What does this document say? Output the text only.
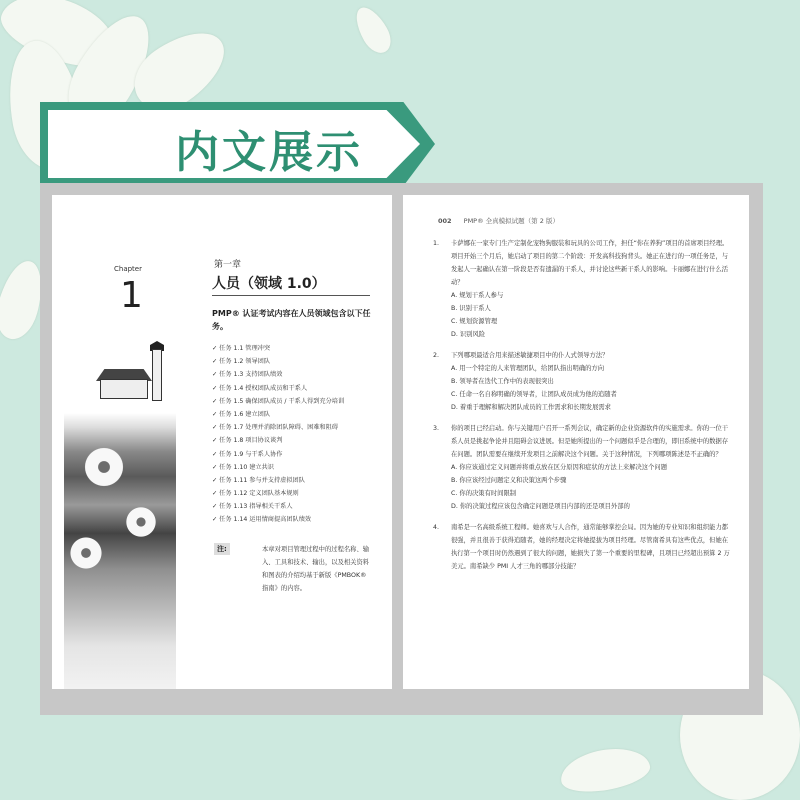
内文展示
Chapter
1
第一章
人员（领域 1.0）
PMP® 认证考试内容在人员领域包含以下任务。
✓ 任务 1.1 管理冲突
✓ 任务 1.2 领导团队
✓ 任务 1.3 支持团队绩效
✓ 任务 1.4 授权团队成员和干系人
✓ 任务 1.5 确保团队成员 / 干系人得到充分培训
✓ 任务 1.6 建立团队
✓ 任务 1.7 处理并消除团队障碍、困难和阻碍
✓ 任务 1.8 项目协议谈判
✓ 任务 1.9 与干系人协作
✓ 任务 1.10 建立共识
✓ 任务 1.11 参与并支持虚拟团队
✓ 任务 1.12 定义团队基本规则
✓ 任务 1.13 指导相关干系人
✓ 任务 1.14 运用情商提高团队绩效
本章对项目管理过程中的过程名称、输入、工具和技术、输出，以及相关资料和图表的介绍均基于新版《PMBOK® 指南》的内容。
注:
002 PMP® 全真模拟试题（第 2 版）
1.	卡萨娜在一家专门生产定制化宠物狗服装和玩具的公司工作，担任“你在养狗”项目的首席项目经理。项目开始三个月后，她启动了项目的第二个阶段：开发高科技狗背头。她正在进行的一项任务是，与发起人一起确认在第一阶段是否有遗漏的干系人，并讨论这些新干系人的影响。卡丽娜在进行什么活动？
A. 规划干系人参与
B. 识别干系人
C. 规划资源管理
D. 识别风险
2.	下列哪项最适合用来描述敏捷项目中的仆人式领导方法？
A. 用一个特定的人来管理团队，给团队指出明确的方向
B. 领导者在迭代工作中的表现很突出
C. 任命一名自称明确的领导者，让团队成员成为他的追随者
D. 着重于理解和解决团队成员的工作需求和长期发展需求
3.	你的项目已经启动。你与关键用户召开一系列会议，确定新的企业资源软件的实施需求。你的一位干系人员是挑起争论并且阻碍会议进展。但是她所提出的一个问题似乎是合理的，即旧系统中的数据存在问题。团队需要在继续开发项目之前解决这个问题。关于这种情况，下列哪项陈述是不正确的？
A. 你应该通过定义问题并将重点放在区分原因和症状的方法上来解决这个问题
B. 你应该经过问题定义和决策这两个步骤
C. 你的决策有时间限制
D. 你的决策过程应该包含确定问题是项目内部的还是项目外部的
4.	南希是一名高级系统工程师。她喜欢与人合作，通常能够掌控会局。因为她的专业知识和组织能力都很强，并且很善于获得追随者，她的经理决定将她提拔为项目经理。尽管南希具有这些优点，但她在执行第一个项目时仍然遇到了很大的问题，她损失了第一个重要的里程碑，且项目已经超出预算 2 万美元。南希缺少 PMI 人才三角的哪部分技能？
